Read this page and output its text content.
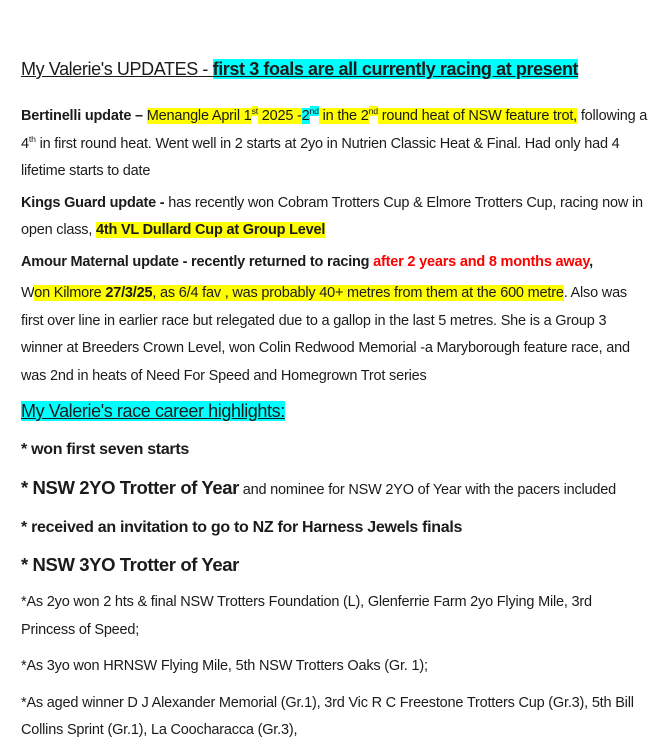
My Valerie's UPDATES - first 3 foals are all currently racing at present

Bertinelli update – Menangle April 1st 2025 -2nd in the 2nd round heat of NSW feature trot, following a 4th in first round heat. Went well in 2 starts at 2yo in Nutrien Classic Heat & Final. Had only had 4 lifetime starts to date

Kings Guard update - has recently won Cobram Trotters Cup & Elmore Trotters Cup, racing now in open class, 4th VL Dullard Cup at Group Level

Amour Maternal update - recently returned to racing after 2 years and 8 months away,

Won Kilmore 27/3/25, as 6/4 fav , was probably 40+ metres from them at the 600 metre. Also was first over line in earlier race but relegated due to a gallop in the last 5 metres. She is a Group 3 winner at Breeders Crown Level, won Colin Redwood Memorial -a Maryborough feature race, and was 2nd in heats of Need For Speed and Homegrown Trot series

My Valerie's race career highlights:

* won first seven starts

* NSW 2YO Trotter of Year and nominee for NSW 2YO of Year with the pacers included

* received an invitation to go to NZ for Harness Jewels finals

* NSW 3YO Trotter of Year

*As 2yo won 2 hts & final NSW Trotters Foundation (L), Glenferrie Farm 2yo Flying Mile, 3rd Princess of Speed;

*As 3yo won HRNSW Flying Mile, 5th NSW Trotters Oaks (Gr. 1);

*As aged winner D J Alexander Memorial (Gr.1), 3rd Vic R C Freestone Trotters Cup (Gr.3), 5th Bill Collins Sprint (Gr.1), La Coocharacca (Gr.3),
